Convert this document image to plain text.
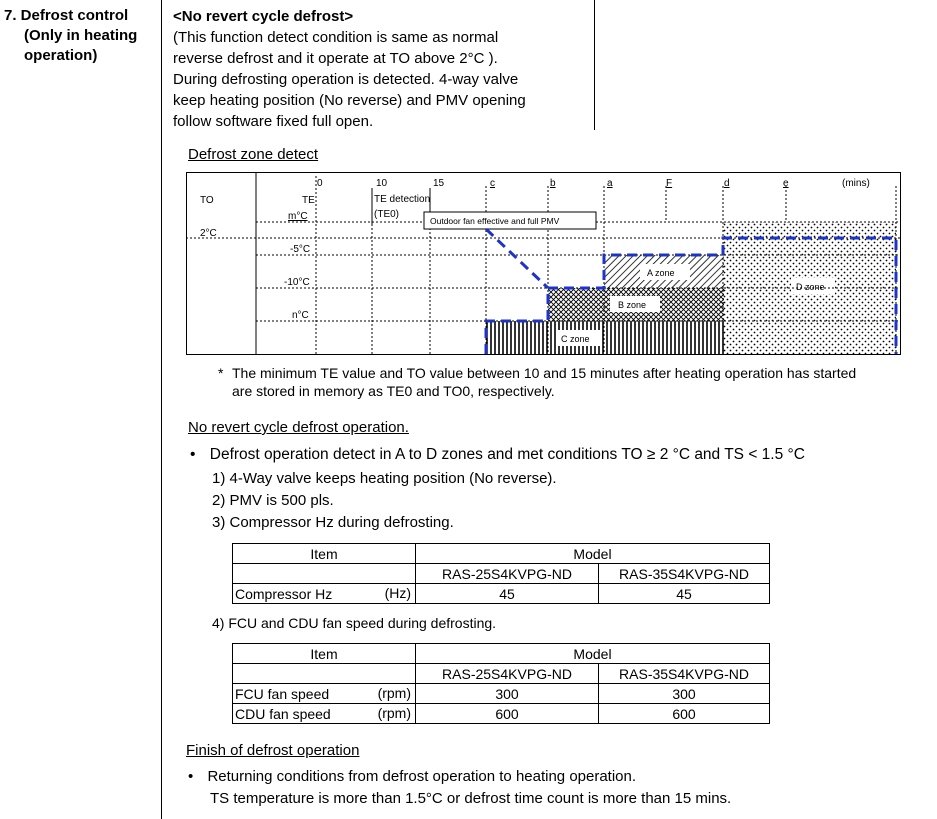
7. Defrost control
(Only in heating
operation)
<No revert cycle defrost>
(This function detect condition is same as normal
reverse defrost and it operate at TO above 2°C ).
During defrosting operation is detected. 4-way valve
keep heating position (No reverse) and PMV opening
follow software fixed full open.
Defrost zone detect
Outdoor fan effective and full PMV
TO	TE
m°C
2°C
-5°C
-10°C
n°C
0	10	15	c	b	a	F	d	e	(mins)
TE detection
(TE0)
A zone
B zone
C zone
D zone
* The minimum TE value and TO value between 10 and 15 minutes after heating operation has started are stored in memory as TE0 and TO0, respectively.
No revert cycle defrost operation.
• Defrost operation detect in A to D zones and met conditions TO ≥ 2 °C and TS < 1.5 °C
1) 4-Way valve keeps heating position (No reverse).
2) PMV is 500 pls.
3) Compressor Hz during defrosting.
Item	Model	
	RAS-25S4KVPG-ND	RAS-35S4KVPG-ND
Compressor Hz (Hz)	45	45
4) FCU and CDU fan speed during defrosting.
Item	Model	
	RAS-25S4KVPG-ND	RAS-35S4KVPG-ND
FCU fan speed (rpm)	300	300
CDU fan speed (rpm)	600	600
Finish of defrost operation
• Returning conditions from defrost operation to heating operation.
TS temperature is more than 1.5°C or defrost time count is more than 15 mins.
